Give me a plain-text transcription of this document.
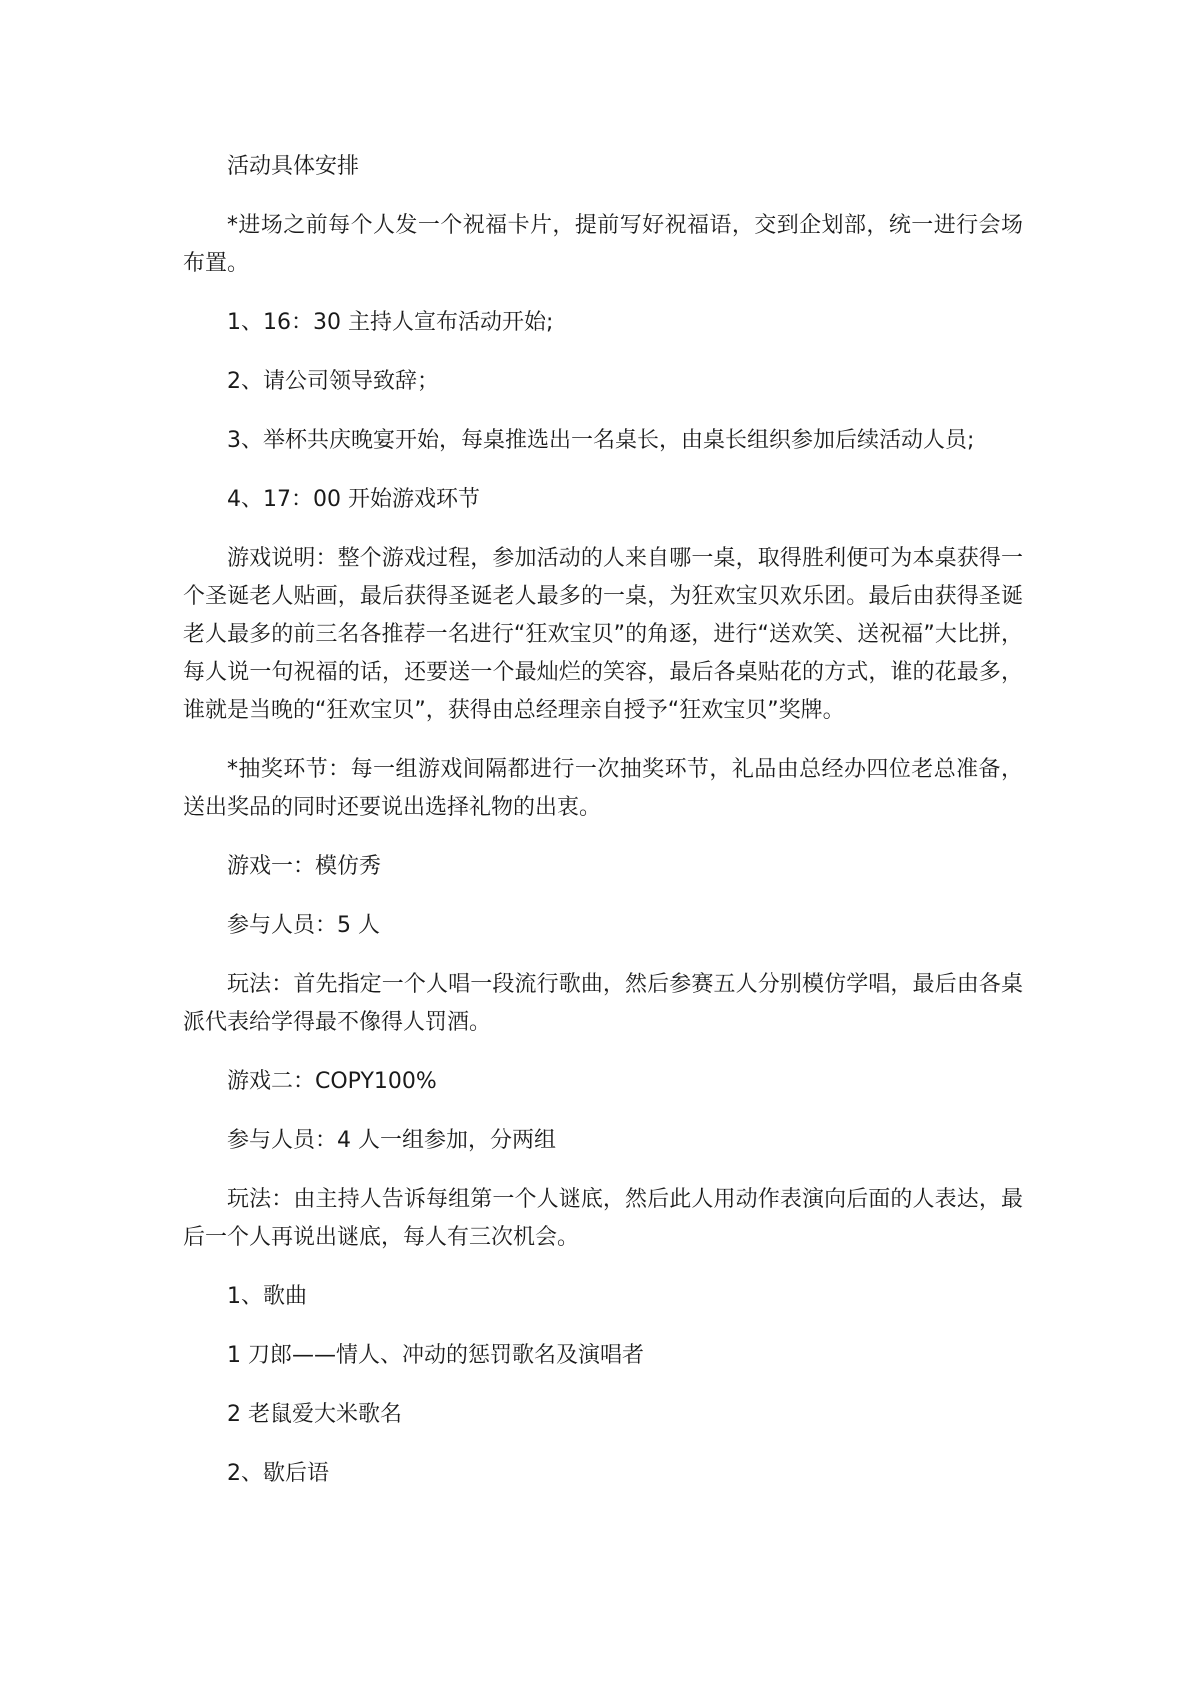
活动具体安排

*进场之前每个人发一个祝福卡片，提前写好祝福语，交到企划部，统一进行会场布置。

1、16：30 主持人宣布活动开始;

2、请公司领导致辞；

3、举杯共庆晚宴开始，每桌推选出一名桌长，由桌长组织参加后续活动人员;

4、17：00 开始游戏环节

游戏说明：整个游戏过程，参加活动的人来自哪一桌，取得胜利便可为本桌获得一个圣诞老人贴画，最后获得圣诞老人最多的一桌，为狂欢宝贝欢乐团。最后由获得圣诞老人最多的前三名各推荐一名进行“狂欢宝贝”的角逐，进行“送欢笑、送祝福”大比拼，每人说一句祝福的话，还要送一个最灿烂的笑容，最后各桌贴花的方式，谁的花最多，谁就是当晚的“狂欢宝贝”，获得由总经理亲自授予“狂欢宝贝”奖牌。

*抽奖环节：每一组游戏间隔都进行一次抽奖环节，礼品由总经办四位老总准备，送出奖品的同时还要说出选择礼物的出衷。

游戏一：模仿秀

参与人员：5 人

玩法：首先指定一个人唱一段流行歌曲，然后参赛五人分别模仿学唱，最后由各桌派代表给学得最不像得人罚酒。

游戏二：COPY100%

参与人员：4 人一组参加，分两组

玩法：由主持人告诉每组第一个人谜底，然后此人用动作表演向后面的人表达，最后一个人再说出谜底，每人有三次机会。

1、歌曲

1 刀郎——情人、冲动的惩罚歌名及演唱者

2 老鼠爱大米歌名

2、歇后语
